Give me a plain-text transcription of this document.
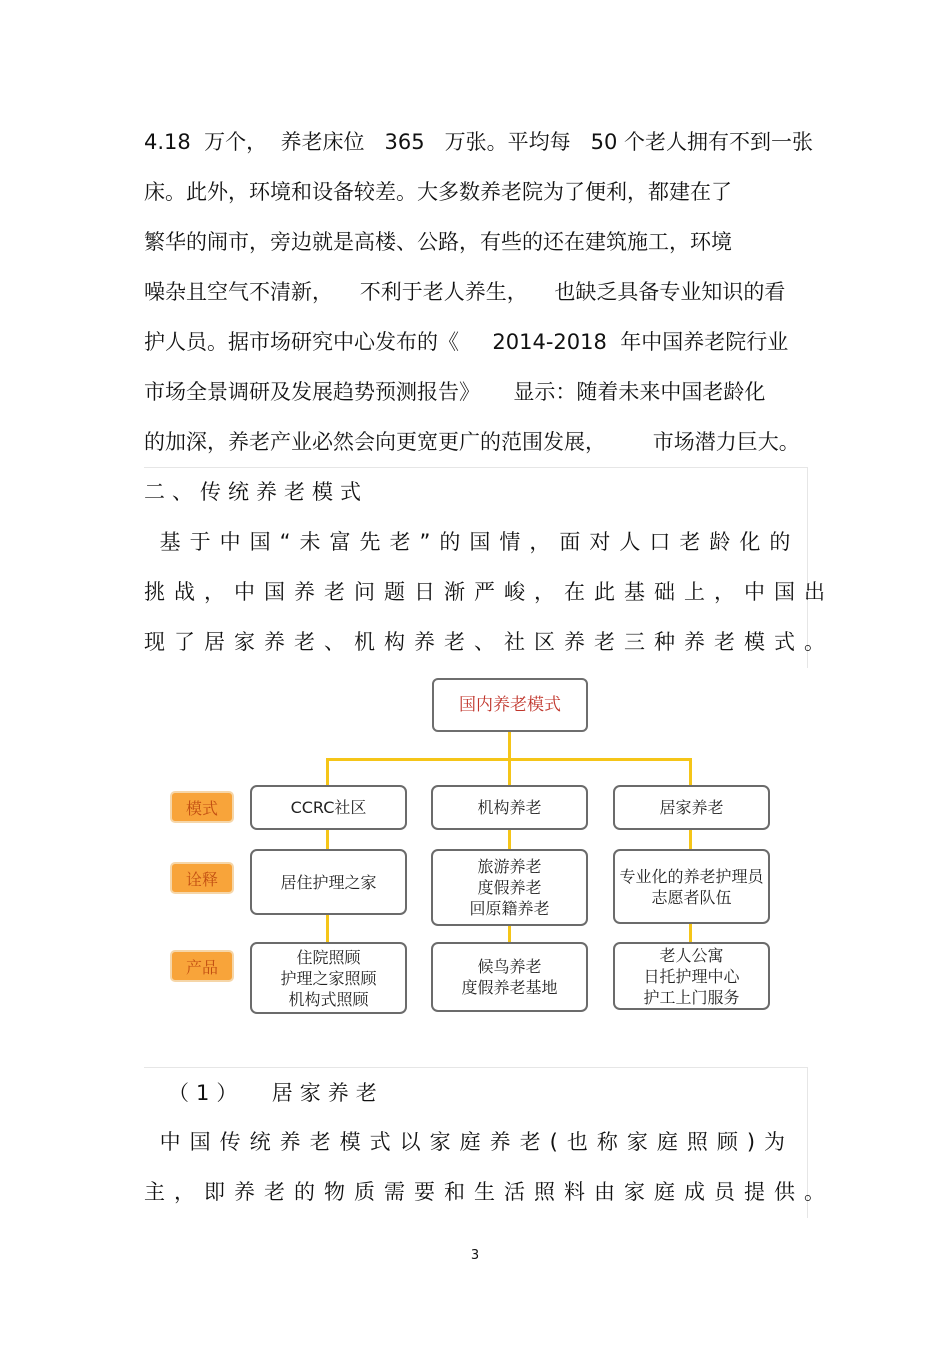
4.18  万个，  养老床位   365   万张。平均每   50 个老人拥有不到一张
床。此外，环境和设备较差。大多数养老院为了便利，都建在了
繁华的闹市，旁边就是高楼、公路，有些的还在建筑施工，环境
噪杂且空气不清新，    不利于老人养生，    也缺乏具备专业知识的看
护人员。据市场研究中心发布的《     2014-2018  年中国养老院行业
市场全景调研及发展趋势预测报告》     显示：随着未来中国老龄化
的加深，养老产业必然会向更宽更广的范围发展，       市场潜力巨大。
二、传统养老模式
基于中国“未富先老”的国情，面对人口老龄化的
挑战，中国养老问题日渐严峻，在此基础上，中国出
现了居家养老、机构养老、社区养老三种养老模式。
国内养老模式
模式
诠释
产品
CCRC社区
居住护理之家
住院照顾
护理之家照顾
机构式照顾
机构养老
旅游养老
度假养老
回原籍养老
候鸟养老
度假养老基地
居家养老
专业化的养老护理员
志愿者队伍
老人公寓
日托护理中心
护工上门服务
（1）  居家养老
中国传统养老模式以家庭养老(也称家庭照顾)为
主，即养老的物质需要和生活照料由家庭成员提供。
3
